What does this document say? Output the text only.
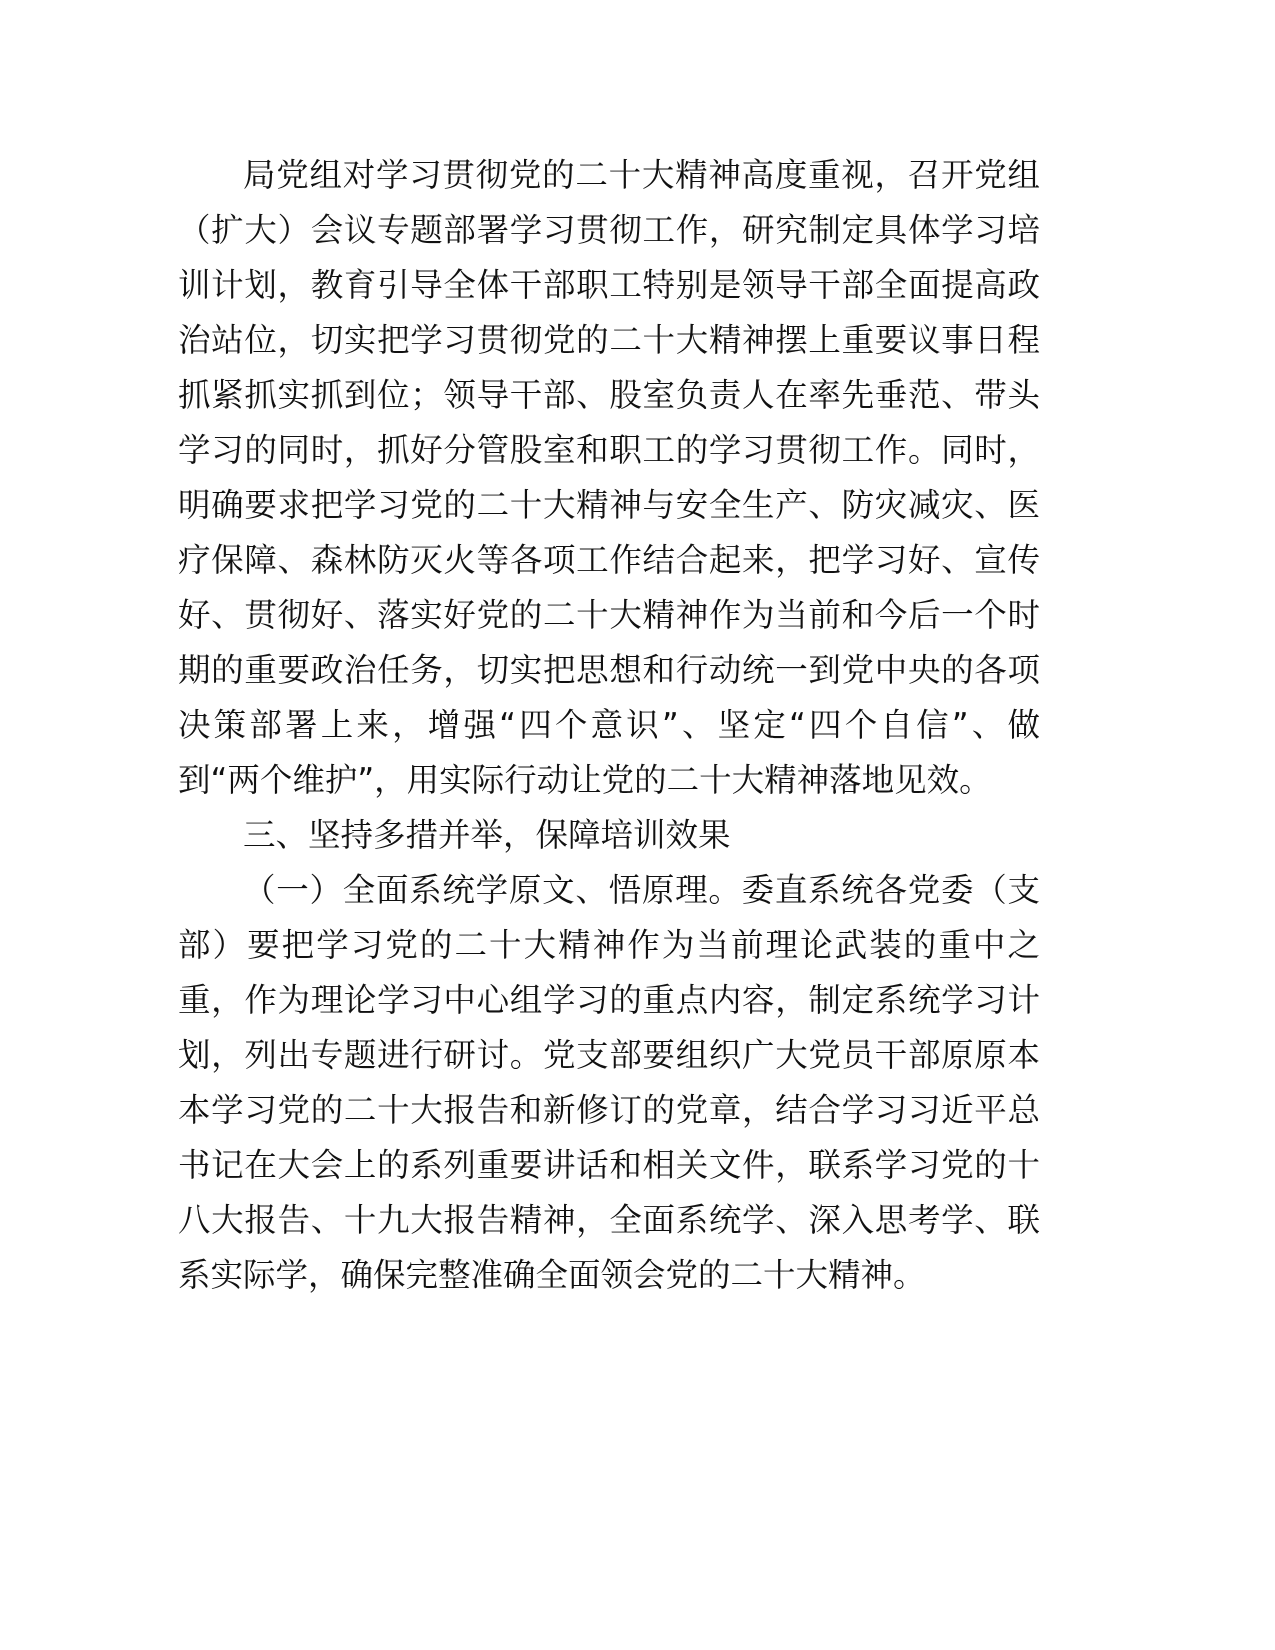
局党组对学习贯彻党的二十大精神高度重视，召开党组（扩大）会议专题部署学习贯彻工作，研究制定具体学习培训计划，教育引导全体干部职工特别是领导干部全面提高政治站位，切实把学习贯彻党的二十大精神摆上重要议事日程抓紧抓实抓到位；领导干部、股室负责人在率先垂范、带头学习的同时，抓好分管股室和职工的学习贯彻工作。同时，明确要求把学习党的二十大精神与安全生产、防灾减灾、医疗保障、森林防灭火等各项工作结合起来，把学习好、宣传好、贯彻好、落实好党的二十大精神作为当前和今后一个时期的重要政治任务，切实把思想和行动统一到党中央的各项决策部署上来，增强“四个意识”、坚定“四个自信”、做到“两个维护”，用实际行动让党的二十大精神落地见效。

三、坚持多措并举，保障培训效果

（一）全面系统学原文、悟原理。委直系统各党委（支部）要把学习党的二十大精神作为当前理论武装的重中之重，作为理论学习中心组学习的重点内容，制定系统学习计划，列出专题进行研讨。党支部要组织广大党员干部原原本本学习党的二十大报告和新修订的党章，结合学习习近平总书记在大会上的系列重要讲话和相关文件，联系学习党的十八大报告、十九大报告精神，全面系统学、深入思考学、联系实际学，确保完整准确全面领会党的二十大精神。
